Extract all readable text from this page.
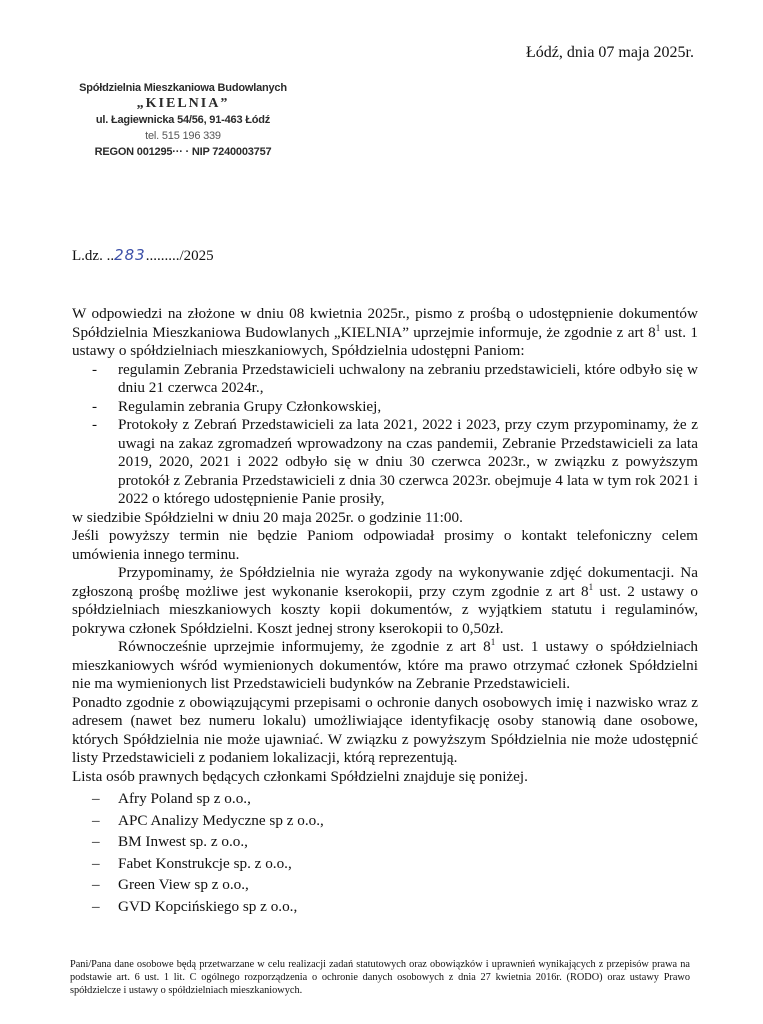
Łódź, dnia 07 maja 2025r.
Spółdzielnia Mieszkaniowa Budowlanych
„KIELNIA”
ul. Łagiewnicka 54/56, 91-463 Łódź
tel. 515 196 339
REGON 001295··· · NIP 7240003757
L.dz. ..283........./2025

W odpowiedzi na złożone w dniu 08 kwietnia 2025r., pismo z prośbą o udostępnienie dokumentów Spółdzielnia Mieszkaniowa Budowlanych „KIELNIA” uprzejmie informuje, że zgodnie z art $8^1$ ust. 1 ustawy o spółdzielniach mieszkaniowych, Spółdzielnia udostępni Paniom:

- regulamin Zebrania Przedstawicieli uchwalony na zebraniu przedstawicieli, które odbyło się w dniu 21 czerwca 2024r.,
- Regulamin zebrania Grupy Członkowskiej,
- Protokoły z Zebrań Przedstawicieli za lata 2021, 2022 i 2023, przy czym przypominamy, że z uwagi na zakaz zgromadzeń wprowadzony na czas pandemii, Zebranie Przedstawicieli za lata 2019, 2020, 2021 i 2022 odbyło się w dniu 30 czerwca 2023r., w związku z powyższym protokół z Zebrania Przedstawicieli z dnia 30 czerwca 2023r. obejmuje 4 lata w tym rok 2021 i 2022 o którego udostępnienie Panie prosiły,

w siedzibie Spółdzielni w dniu 20 maja 2025r. o godzinie 11:00.

Jeśli powyższy termin nie będzie Paniom odpowiadał prosimy o kontakt telefoniczny celem umówienia innego terminu.

Przypominamy, że Spółdzielnia nie wyraża zgody na wykonywanie zdjęć dokumentacji. Na zgłoszoną prośbę możliwe jest wykonanie kserokopii, przy czym zgodnie z art $8^1$ ust. 2 ustawy o spółdzielniach mieszkaniowych koszty kopii dokumentów, z wyjątkiem statutu i regulaminów, pokrywa członek Spółdzielni. Koszt jednej strony kserokopii to 0,50zł.

Równocześnie uprzejmie informujemy, że zgodnie z art $8^1$ ust. 1 ustawy o spółdzielniach mieszkaniowych wśród wymienionych dokumentów, które ma prawo otrzymać członek Spółdzielni nie ma wymienionych list Przedstawicieli budynków na Zebranie Przedstawicieli.

Ponadto zgodnie z obowiązującymi przepisami o ochronie danych osobowych imię i nazwisko wraz z adresem (nawet bez numeru lokalu) umożliwiające identyfikację osoby stanowią dane osobowe, których Spółdzielnia nie może ujawniać. W związku z powyższym Spółdzielnia nie może udostępnić listy Przedstawicieli z podaniem lokalizacji, którą reprezentują.

Lista osób prawnych będących członkami Spółdzielni znajduje się poniżej.

– Afry Poland sp z o.o.,
– APC Analizy Medyczne sp z o.o.,
– BM Inwest sp. z o.o.,
– Fabet Konstrukcje sp. z o.o.,
– Green View sp z o.o.,
– GVD Kopcińskiego sp z o.o.,
Pani/Pana dane osobowe będą przetwarzane w celu realizacji zadań statutowych oraz obowiązków i uprawnień wynikających z przepisów prawa na podstawie art. 6 ust. 1 lit. C ogólnego rozporządzenia o ochronie danych osobowych z dnia 27 kwietnia 2016r. (RODO) oraz ustawy Prawo spółdzielcze i ustawy o spółdzielniach mieszkaniowych.
